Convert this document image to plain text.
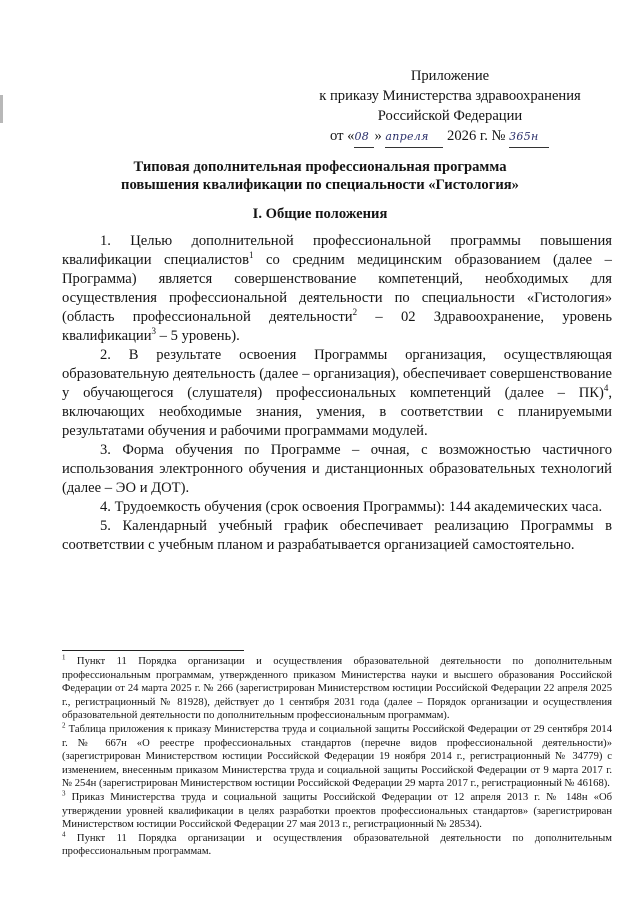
Приложение
к приказу Министерства здравоохранения
Российской Федерации
от «08 » апреля 2026 г. № 365н
Типовая дополнительная профессиональная программа
повышения квалификации по специальности «Гистология»
I. Общие положения

1. Целью дополнительной профессиональной программы повышения квалификации специалистов$^1$ со средним медицинским образованием (далее – Программа) является совершенствование компетенций, необходимых для осуществления профессиональной деятельности по специальности «Гистология» (область профессиональной деятельности$^2$ – 02 Здравоохранение, уровень квалификации$^3$ – 5 уровень).

2. В результате освоения Программы организация, осуществляющая образовательную деятельность (далее – организация), обеспечивает совершенствование у обучающегося (слушателя) профессиональных компетенций (далее – ПК)$^4$, включающих необходимые знания, умения, в соответствии с планируемыми результатами обучения и рабочими программами модулей.

3. Форма обучения по Программе – очная, с возможностью частичного использования электронного обучения и дистанционных образовательных технологий (далее – ЭО и ДОТ).

4. Трудоемкость обучения (срок освоения Программы): 144 академических часа.

5. Календарный учебный график обеспечивает реализацию Программы в соответствии с учебным планом и разрабатывается организацией самостоятельно.

$^1$ Пункт 11 Порядка организации и осуществления образовательной деятельности по дополнительным профессиональным программам, утвержденного приказом Министерства науки и высшего образования Российской Федерации от 24 марта 2025 г. № 266 (зарегистрирован Министерством юстиции Российской Федерации 22 апреля 2025 г., регистрационный № 81928), действует до 1 сентября 2031 года (далее – Порядок организации и осуществления образовательной деятельности по дополнительным профессиональным программам).

$^2$ Таблица приложения к приказу Министерства труда и социальной защиты Российской Федерации от 29 сентября 2014 г. № 667н «О реестре профессиональных стандартов (перечне видов профессиональной деятельности)» (зарегистрирован Министерством юстиции Российской Федерации 19 ноября 2014 г., регистрационный № 34779) с изменением, внесенным приказом Министерства труда и социальной защиты Российской Федерации от 9 марта 2017 г. № 254н (зарегистрирован Министерством юстиции Российской Федерации 29 марта 2017 г., регистрационный № 46168).

$^3$ Приказ Министерства труда и социальной защиты Российской Федерации от 12 апреля 2013 г. № 148н «Об утверждении уровней квалификации в целях разработки проектов профессиональных стандартов» (зарегистрирован Министерством юстиции Российской Федерации 27 мая 2013 г., регистрационный № 28534).

$^4$ Пункт 11 Порядка организации и осуществления образовательной деятельности по дополнительным профессиональным программам.
